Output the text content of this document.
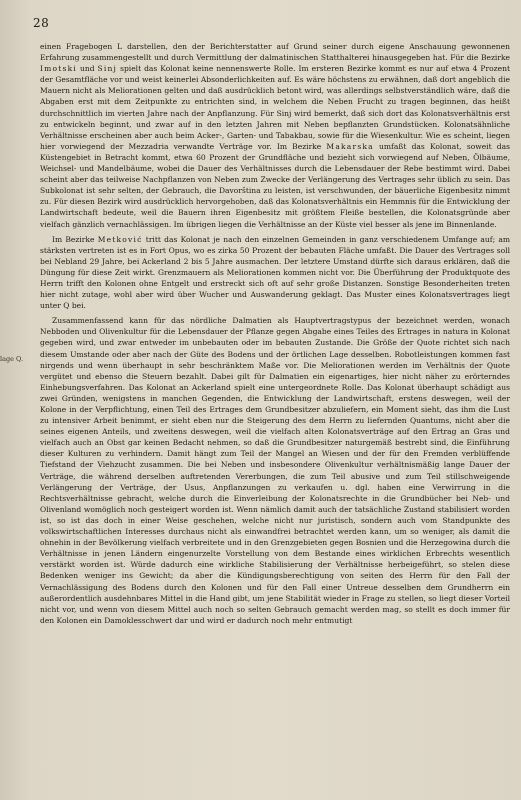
28
lage Q.

einen Fragebogen L darstellen, den der Berichterstatter auf Grund seiner durch eigene Anschauung gewonnenen Erfahrung zusammengestellt und durch Vermittlung der dalmatinischen Statthalterei hinausgegeben hat. Für die Bezirke Imotski und Sinj spielt das Kolonat keine nennenswerte Rolle. Im ersteren Bezirke kommt es nur auf etwa 4 Prozent der Gesamtfläche vor und weist keinerlei Absonderlichkeiten auf. Es wäre höchstens zu erwähnen, daß dort angeblich die Mauern nicht als Meliorationen gelten und daß ausdrücklich betont wird, was allerdings selbstverständlich wäre, daß die Abgaben erst mit dem Zeitpunkte zu entrichten sind, in welchem die Neben Frucht zu tragen beginnen, das heißt durchschnittlich im vierten Jahre nach der Anpflanzung. Für Sinj wird bemerkt, daß sich dort das Kolonatsverhältnis erst zu entwickeln beginnt, und zwar auf in den letzten Jahren mit Neben bepflanzten Grundstücken. Kolonatsähnliche Verhältnisse erscheinen aber auch beim Acker-, Garten- und Tabakbau, sowie für die Wiesenkultur. Wie es scheint, liegen hier vorwiegend der Mezzadria verwandte Verträge vor. Im Bezirke Makarska umfaßt das Kolonat, soweit das Küstengebiet in Betracht kommt, etwa 60 Prozent der Grundfläche und bezieht sich vorwiegend auf Neben, Ölbäume, Weichsel- und Mandelbäume, wobei die Dauer des Verhältnisses durch die Lebensdauer der Rebe bestimmt wird. Dabei scheint aber das teilweise Nachpflanzen von Neben zum Zwecke der Verlängerung des Vertrages sehr üblich zu sein. Das Subkolonat ist sehr selten, der Gebrauch, die Davorština zu leisten, ist verschwunden, der bäuerliche Eigenbesitz nimmt zu. Für diesen Bezirk wird ausdrücklich hervorgehoben, daß das Kolonatsverhältnis ein Hemmnis für die Entwicklung der Landwirtschaft bedeute, weil die Bauern ihren Eigenbesitz mit größtem Fleiße bestellen, die Kolonatsgründe aber vielfach gänzlich vernachlässigen. Im übrigen liegen die Verhältnisse an der Küste viel besser als jene im Binnenlande.

Im Bezirke Metković tritt das Kolonat je nach den einzelnen Gemeinden in ganz verschiedenem Umfange auf; am stärksten vertreten ist es in Fort Opus, wo es zirka 50 Prozent der bebauten Fläche umfaßt. Die Dauer des Vertrages soll bei Nebland 29 Jahre, bei Ackerland 2 bis 5 Jahre ausmachen. Der letztere Umstand dürfte sich daraus erklären, daß die Düngung für diese Zeit wirkt. Grenzmauern als Meliorationen kommen nicht vor. Die Überführung der Produktquote des Herrn trifft den Kolonen ohne Entgelt und erstreckt sich oft auf sehr große Distanzen. Sonstige Besonderheiten treten hier nicht zutage, wohl aber wird über Wucher und Auswanderung geklagt. Das Muster eines Kolonatsvertrages liegt unter Q bei.

Zusammenfassend kann für das nördliche Dalmatien als Hauptvertragstypus der bezeichnet werden, wonach Nebboden und Olivenkultur für die Lebensdauer der Pflanze gegen Abgabe eines Teiles des Ertrages in natura in Kolonat gegeben wird, und zwar entweder im unbebauten oder im bebauten Zustande. Die Größe der Quote richtet sich nach diesem Umstande oder aber nach der Güte des Bodens und der örtlichen Lage desselben. Robotleistungen kommen fast nirgends und wenn überhaupt in sehr beschränktem Maße vor. Die Meliorationen werden im Verhältnis der Quote vergütet und ebenso die Steuern bezahlt. Dabei gilt für Dalmatien ein eigenartiges, hier nicht näher zu erörterndes Einhebungsverfahren. Das Kolonat an Ackerland spielt eine untergeordnete Rolle. Das Kolonat überhaupt schädigt aus zwei Gründen, wenigstens in manchen Gegenden, die Entwicklung der Landwirtschaft, erstens deswegen, weil der Kolone in der Verpflichtung, einen Teil des Ertrages dem Grundbesitzer abzuliefern, ein Moment sieht, das ihm die Lust zu intensiver Arbeit benimmt, er sieht eben nur die Steigerung des dem Herrn zu liefernden Quantums, nicht aber die seines eigenen Anteils, und zweitens deswegen, weil die vielfach alten Kolonatsverträge auf den Ertrag an Gras und vielfach auch an Obst gar keinen Bedacht nehmen, so daß die Grundbesitzer naturgemäß bestrebt sind, die Einführung dieser Kulturen zu verhindern. Damit hängt zum Teil der Mangel an Wiesen und der für den Fremden verblüffende Tiefstand der Viehzucht zusammen. Die bei Neben und insbesondere Olivenkultur verhältnismäßig lange Dauer der Verträge, die während derselben auftretenden Vererbungen, die zum Teil abusive und zum Teil stillschweigende Verlängerung der Verträge, der Usus, Anpflanzungen zu verkaufen u. dgl. haben eine Verwirrung in die Rechtsverhältnisse gebracht, welche durch die Einverleibung der Kolonatsrechte in die Grundbücher bei Neb- und Olivenland womöglich noch gesteigert worden ist. Wenn nämlich damit auch der tatsächliche Zustand stabilisiert worden ist, so ist das doch in einer Weise geschehen, welche nicht nur juristisch, sondern auch vom Standpunkte des volkswirtschaftlichen Interesses durchaus nicht als einwandfrei betrachtet werden kann, um so weniger, als damit die ohnehin in der Bevölkerung vielfach verbreitete und in den Grenzgebieten gegen Bosnien und die Herzegowina durch die Verhältnisse in jenen Ländern eingenurzelte Vorstellung von dem Bestande eines wirklichen Erbrechts wesentlich verstärkt worden ist. Würde dadurch eine wirkliche Stabilisierung der Verhältnisse herbeigeführt, so stelen diese Bedenken weniger ins Gewicht; da aber die Kündigungsberechtigung von seiten des Herrn für den Fall der Vernachlässigung des Bodens durch den Kolonen und für den Fall einer Untreue desselben dem Grundherrn ein außerordentlich ausdehnbares Mittel in die Hand gibt, um jene Stabilität wieder in Frage zu stellen, so liegt dieser Vorteil nicht vor, und wenn von diesem Mittel auch noch so selten Gebrauch gemacht werden mag, so stellt es doch immer für den Kolonen ein Damoklesschwert dar und wird er dadurch noch mehr entmutigt
